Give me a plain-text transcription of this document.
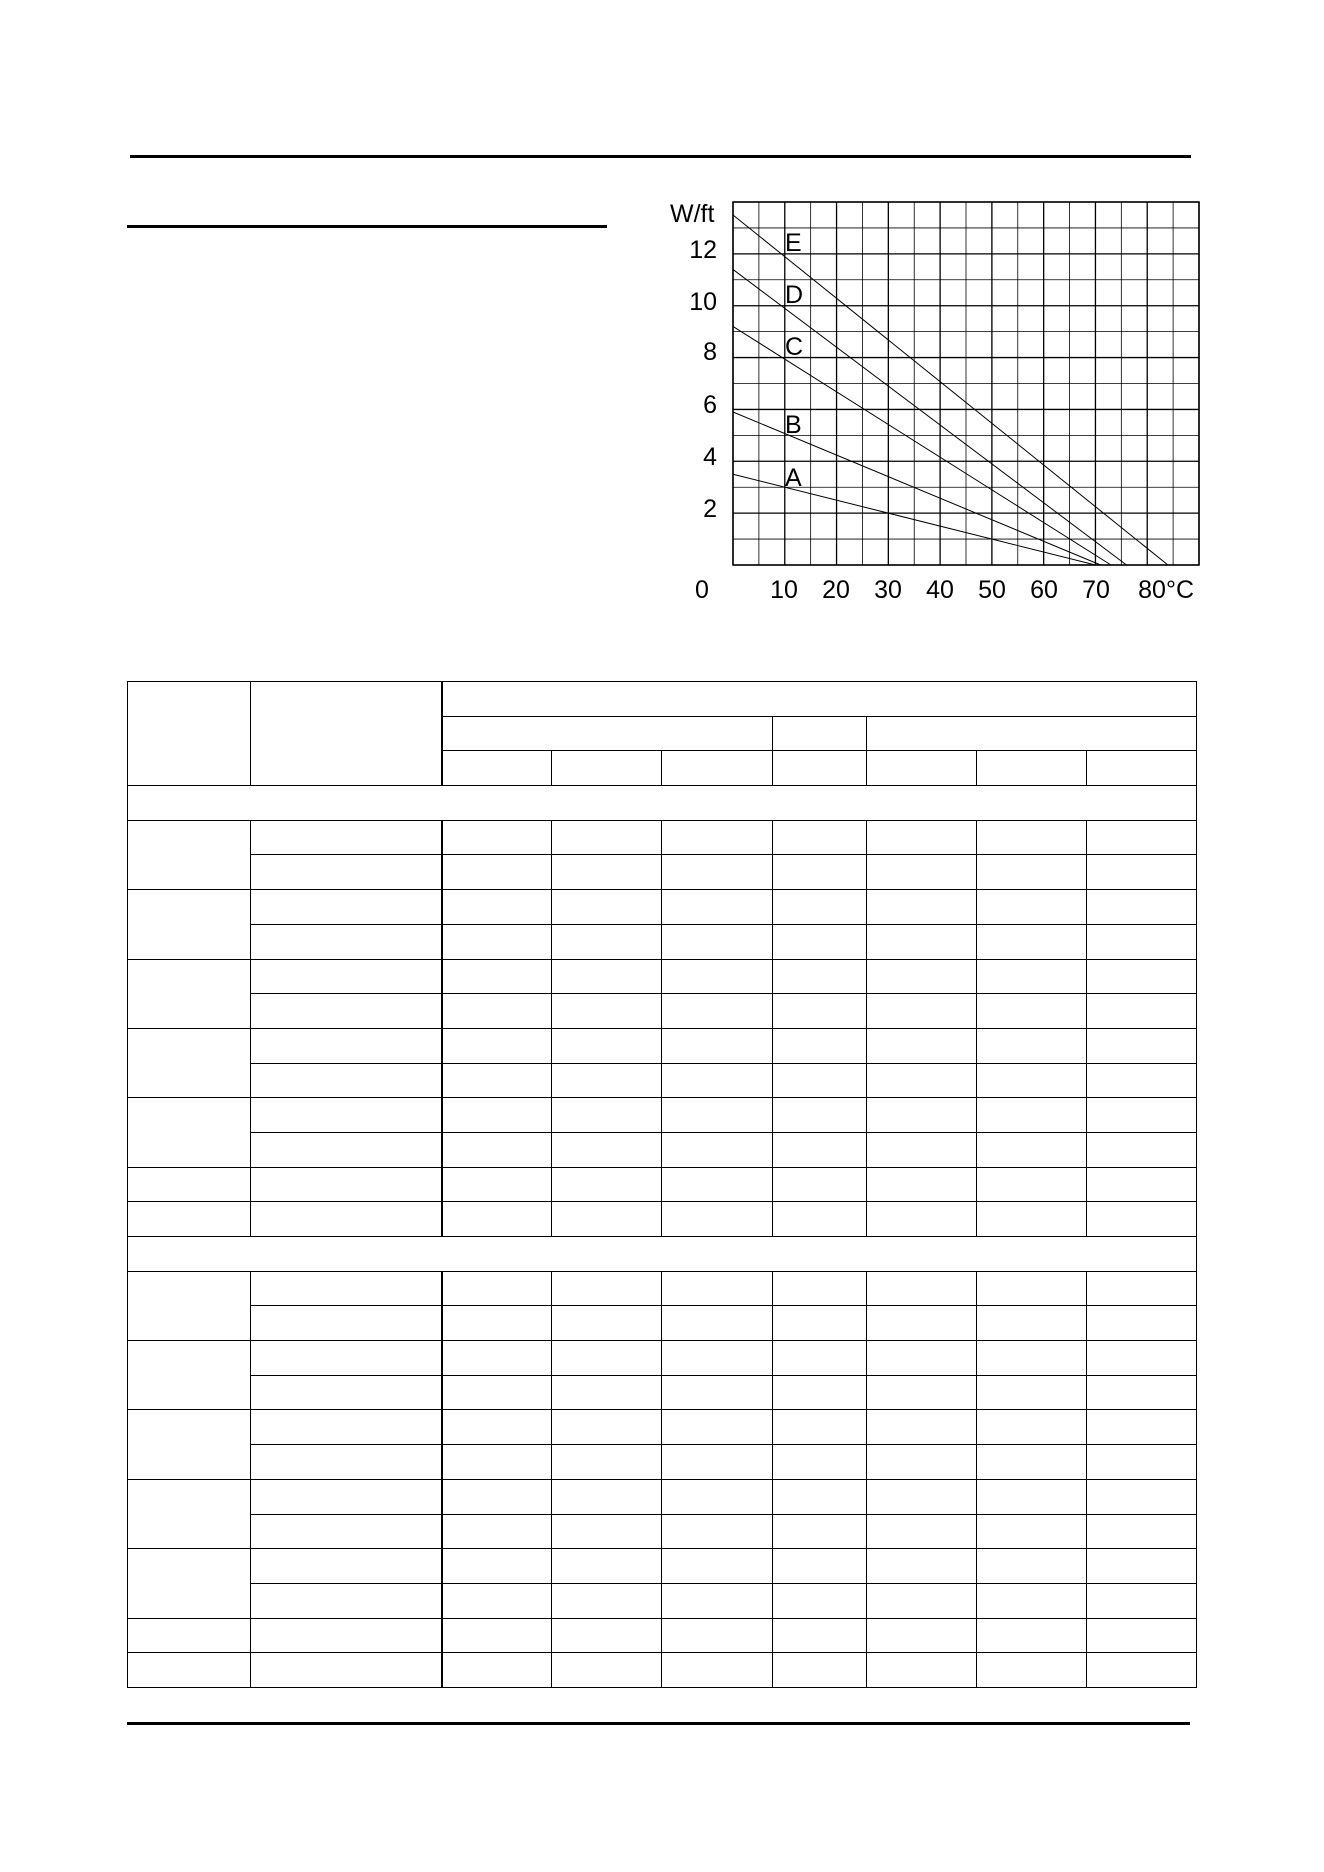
2
4
6
8
10
12
0 10 20 30 40 50 60 70 80 °C
W/ft
A
B
C
D
E
